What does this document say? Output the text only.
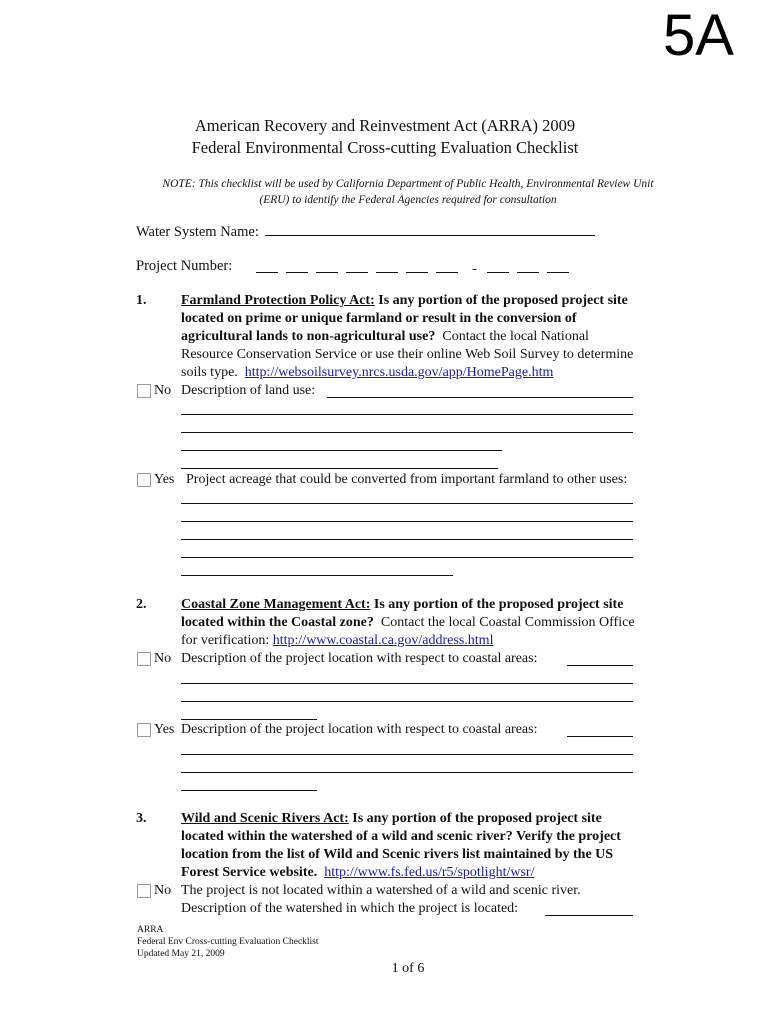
5A
American Recovery and Reinvestment Act (ARRA) 2009
Federal Environmental Cross-cutting Evaluation Checklist
NOTE: This checklist will be used by California Department of Public Health, Environmental Review Unit
(ERU) to identify the Federal Agencies required for consultation
Water System Name:
Project Number:	-
1. Farmland Protection Policy Act: Is any portion of the proposed project site
located on prime or unique farmland or result in the conversion of
agricultural lands to non-agricultural use? Contact the local National
Resource Conservation Service or use their online Web Soil Survey to determine
soils type. http://websoilsurvey.nrcs.usda.gov/app/HomePage.htm
No Description of land use:
Yes Project acreage that could be converted from important farmland to other uses:
2. Coastal Zone Management Act: Is any portion of the proposed project site
located within the Coastal zone? Contact the local Coastal Commission Office
for verification: http://www.coastal.ca.gov/address.html
No Description of the project location with respect to coastal areas:
Yes Description of the project location with respect to coastal areas:
3. Wild and Scenic Rivers Act: Is any portion of the proposed project site
located within the watershed of a wild and scenic river? Verify the project
location from the list of Wild and Scenic rivers list maintained by the US
Forest Service website. http://www.fs.fed.us/r5/spotlight/wsr/
No The project is not located within a watershed of a wild and scenic river.
Description of the watershed in which the project is located:
ARRA
Federal Env Cross-cutting Evaluation Checklist
Updated May 21, 2009
1 of 6
